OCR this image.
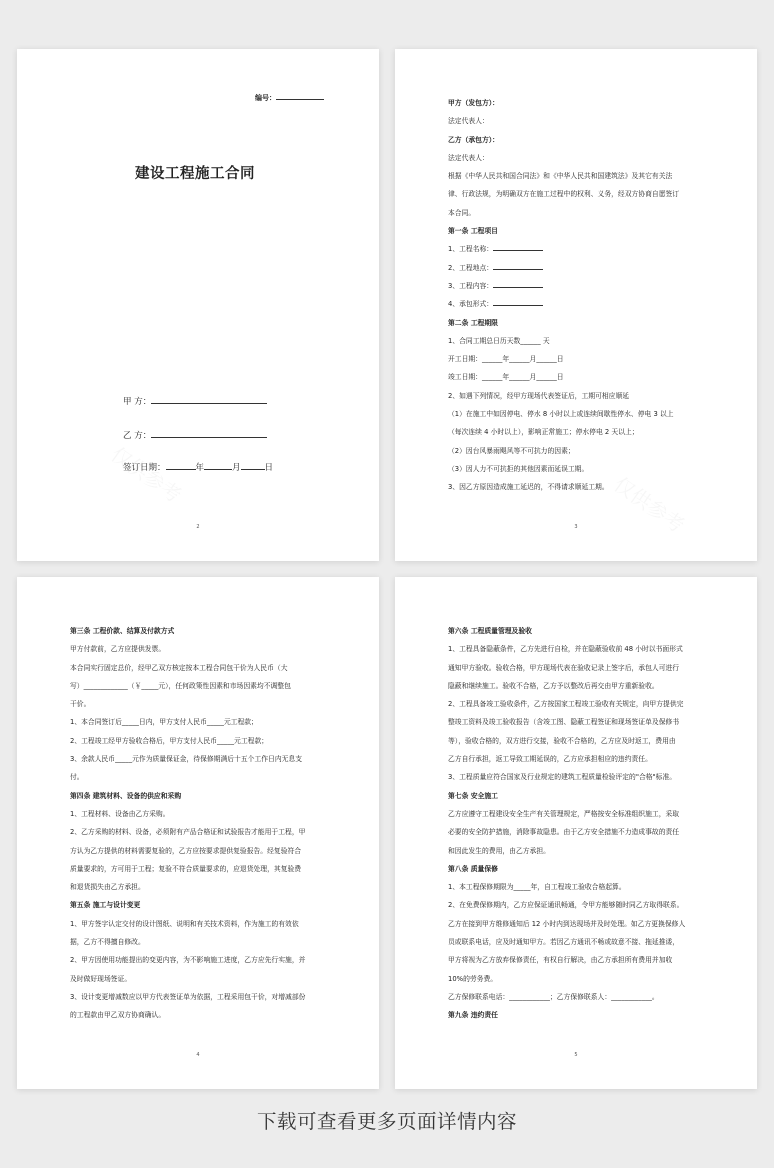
编号：
建设工程施工合同
甲 方：
乙 方：
签订日期：	年	月	日
2
甲方（发包方）：
法定代表人：
乙方（承包方）：
法定代表人：
根据《中华人民共和国合同法》和《中华人民共和国建筑法》及其它有关法
律、行政法规，为明确双方在施工过程中的权利、义务，经双方协商自愿签订
本合同。
第一条 工程项目
1、工程名称：
2、工程地点：
3、工程内容：
4、承包形式：
第二条 工程期限
1、合同工期总日历天数______ 天
开工日期：______年______月______日
竣工日期：______年______月______日
2、如遇下列情况，经甲方现场代表签证后，工期可相应顺延
（1）在施工中如因停电、停水 8 小时以上或连续间歇性停水、停电 3 以上
（每次连续 4 小时以上），影响正常施工；停水停电 2 天以上；
（2）因台风暴雨飓风等不可抗力的因素；
（3）因人力不可抗拒的其他因素而延误工期。
3、因乙方原因造成施工延迟的，不得请求顺延工期。
3
第三条 工程价款、结算及付款方式
甲方付款前，乙方应提供发票。
本合同实行固定总价，经甲乙双方核定按本工程合同包干价为人民币（大
写）_____________（￥_____元），任何政策性因素和市场因素均不调整包
干价。
1、本合同签订后_____日内，甲方支付人民币_____元工程款；
2、工程竣工经甲方验收合格后，甲方支付人民币_____元工程款；
3、余款人民币_____元作为质量保证金，待保修期满后十五个工作日内无息支
付。
第四条 建筑材料、设备的供应和采购
1、工程材料、设备由乙方采购。
2、乙方采购的材料、设备，必须附有产品合格证和试验报告才能用于工程，甲
方认为乙方提供的材料需要复验的，乙方应按要求提供复验报告。经复验符合
质量要求的，方可用于工程；复验不符合质量要求的，应退货处理，其复验费
和退货损失由乙方承担。
第五条 施工与设计变更
1、甲方签字认定交付的设计图纸、说明和有关技术资料，作为施工的有效依
据，乙方不得擅自修改。
2、甲方因使用功能提出的变更内容，为不影响施工进度，乙方应先行实施，并
及时做好现场签证。
3、设计变更增减数应以甲方代表签证单为依据，工程采用包干价，对增减部份
的工程款由甲乙双方协商确认。
4
第六条 工程质量管理及验收
1、工程具备隐蔽条件，乙方先进行自检，并在隐蔽验收前 48 小时以书面形式
通知甲方验收。验收合格，甲方现场代表在验收记录上签字后，承包人可进行
隐蔽和继续施工。验收不合格，乙方予以整改后再交由甲方重新验收。
2、工程具备竣工验收条件，乙方按国家工程竣工验收有关规定，向甲方提供完
整竣工资料及竣工验收报告（含竣工图、隐蔽工程签证和现场签证单及保修书
等），验收合格的，双方进行交接，验收不合格的，乙方应及时返工，费用由
乙方自行承担，返工导致工期延误的，乙方应承担相应的违约责任。
3、工程质量应符合国家及行业规定的建筑工程质量检验评定的"合格"标准。
第七条 安全施工
乙方应遵守工程建设安全生产有关管理规定，严格按安全标准组织施工，采取
必要的安全防护措施，消除事故隐患。由于乙方安全措施不力造成事故的责任
和因此发生的费用，由乙方承担。
第八条 质量保修
1、本工程保修期限为_____年，自工程竣工验收合格起算。
2、在免费保修期内，乙方应保证通讯畅通，令甲方能够随时同乙方取得联系。
乙方在接到甲方维修通知后 12 小时内到达现场并及时处理。如乙方更换保修人
员或联系电话，应及时通知甲方。若因乙方通讯不畅或故意不接、拖延推诿，
甲方将视为乙方放弃保修责任，有权自行解决，由乙方承担所有费用并加收
10%的劳务费。
乙方保修联系电话：____________；乙方保修联系人：____________。
第九条 违约责任
5
下载可查看更多页面详情内容
